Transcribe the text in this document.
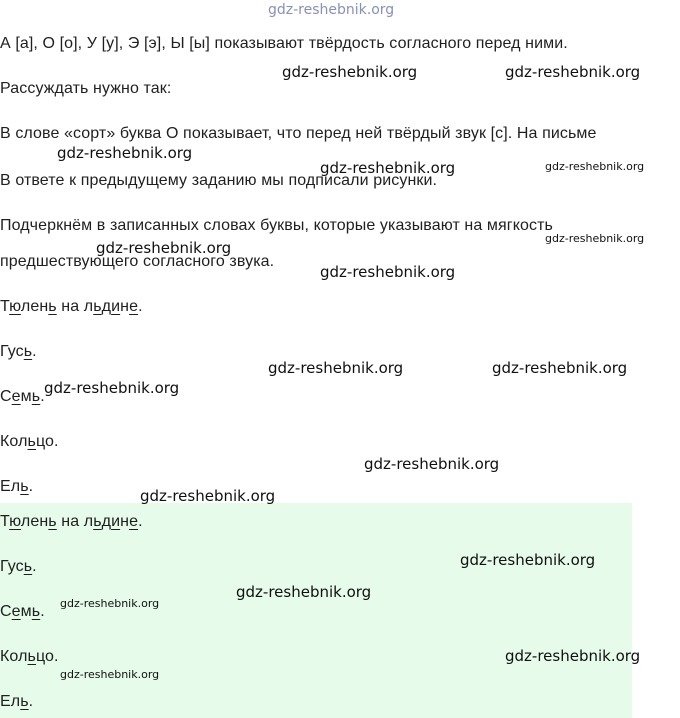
А [а], О [о], У [у], Э [э], Ы [ы] показывают твёрдость согласного перед ними.
Рассуждать нужно так:
В слове «сорт» буква О показывает, что перед ней твёрдый звук [с]. На письме
В ответе к предыдущему заданию мы подписали рисунки.
Подчеркнём в записанных словах буквы, которые указывают на мягкость
предшествующего согласного звука.
Тюлень на льдине.
Гусь.
Семь.
Кольцо.
Ель.
Тюлень на льдине.
Гусь.
Семь.
Кольцо.
Ель.
gdz-reshebnik.org
gdz-reshebnik.org	gdz-reshebnik.org
gdz-reshebnik.org
gdz-reshebnik.org	gdz-reshebnik.org
gdz-reshebnik.org
gdz-reshebnik.org
gdz-reshebnik.org
gdz-reshebnik.org	gdz-reshebnik.org
gdz-reshebnik.org
gdz-reshebnik.org
gdz-reshebnik.org
gdz-reshebnik.org
gdz-reshebnik.org
gdz-reshebnik.org
gdz-reshebnik.org
gdz-reshebnik.org
